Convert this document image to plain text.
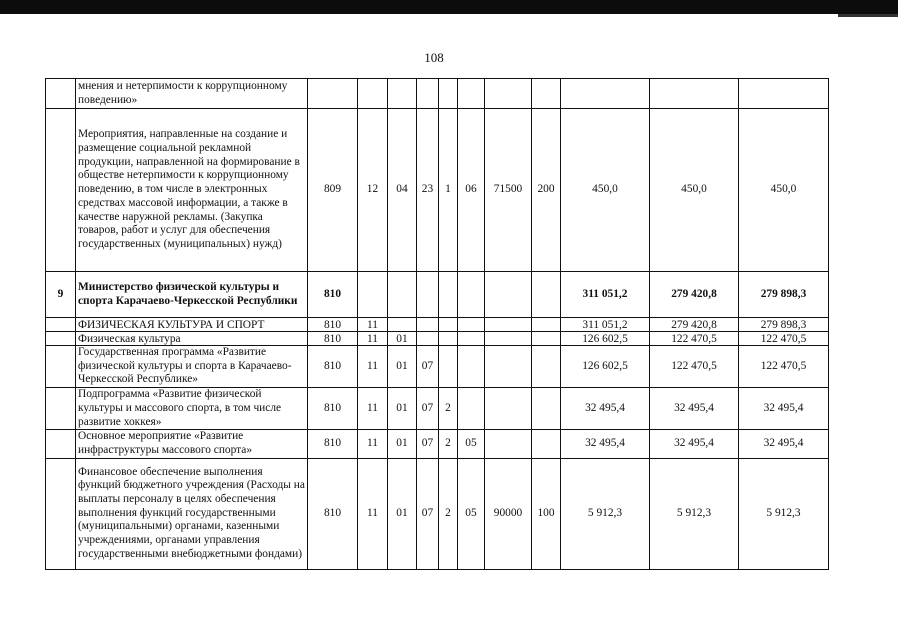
108
	мнения и нетерпимости к коррупционному поведению»											
	Мероприятия, направленные на создание и размещение социальной рекламной продукции, направленной на формирование в обществе нетерпимости к коррупционному поведению, в том числе в электронных средствах массовой информации, а также в качестве наружной рекламы. (Закупка товаров, работ и услуг для обеспечения государственных (муниципальных) нужд)	809	12	04	23	1	06	71500	200	450,0	450,0	450,0
9	Министерство физической культуры и спорта Карачаево-Черкесской Республики	810								311 051,2	279 420,8	279 898,3
	ФИЗИЧЕСКАЯ КУЛЬТУРА И СПОРТ	810	11							311 051,2	279 420,8	279 898,3
	Физическая культура	810	11	01						126 602,5	122 470,5	122 470,5
	Государственная программа «Развитие физической культуры и спорта в Карачаево-Черкесской Республике»	810	11	01	07					126 602,5	122 470,5	122 470,5
	Подпрограмма «Развитие физической культуры и массового спорта, в том числе развитие хоккея»	810	11	01	07	2				32 495,4	32 495,4	32 495,4
	Основное мероприятие «Развитие инфраструктуры массового спорта»	810	11	01	07	2	05			32 495,4	32 495,4	32 495,4
	Финансовое обеспечение выполнения функций бюджетного учреждения (Расходы на выплаты персоналу в целях обеспечения выполнения функций государственными (муниципальными) органами, казенными учреждениями, органами управления государственными внебюджетными фондами)	810	11	01	07	2	05	90000	100	5 912,3	5 912,3	5 912,3
